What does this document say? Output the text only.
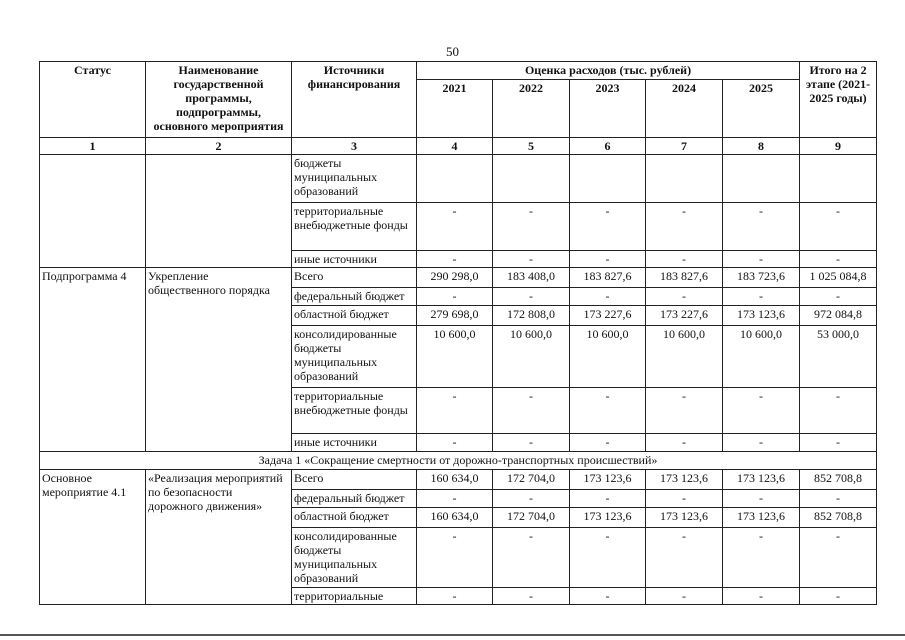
50
Статус	Наименование государственной программы, подпрограммы, основного мероприятия	Источники финансирования	Оценка расходов (тыс. рублей)					Итого на 2 этапе (2021-2025 годы)
			2021	2022	2023	2024	2025	
1	2	3	4	5	6	7	8	9
		бюджеты муниципальных образований						
		территориальные внебюджетные фонды	-	-	-	-	-	-
		иные источники	-	-	-	-	-	-
Подпрограмма 4	Укрепление общественного порядка	Всего	290 298,0	183 408,0	183 827,6	183 827,6	183 723,6	1 025 084,8
		федеральный бюджет	-	-	-	-	-	-
		областной бюджет	279 698,0	172 808,0	173 227,6	173 227,6	173 123,6	972 084,8
		консолидированные бюджеты муниципальных образований	10 600,0	10 600,0	10 600,0	10 600,0	10 600,0	53 000,0
		территориальные внебюджетные фонды	-	-	-	-	-	-
		иные источники	-	-	-	-	-	-
Задача 1 «Сокращение смертности от дорожно-транспортных происшествий»								
Основное мероприятие 4.1	«Реализация мероприятий по безопасности дорожного движения»	Всего	160 634,0	172 704,0	173 123,6	173 123,6	173 123,6	852 708,8
		федеральный бюджет	-	-	-	-	-	-
		областной бюджет	160 634,0	172 704,0	173 123,6	173 123,6	173 123,6	852 708,8
		консолидированные бюджеты муниципальных образований	-	-	-	-	-	-
		территориальные	-	-	-	-	-	-
